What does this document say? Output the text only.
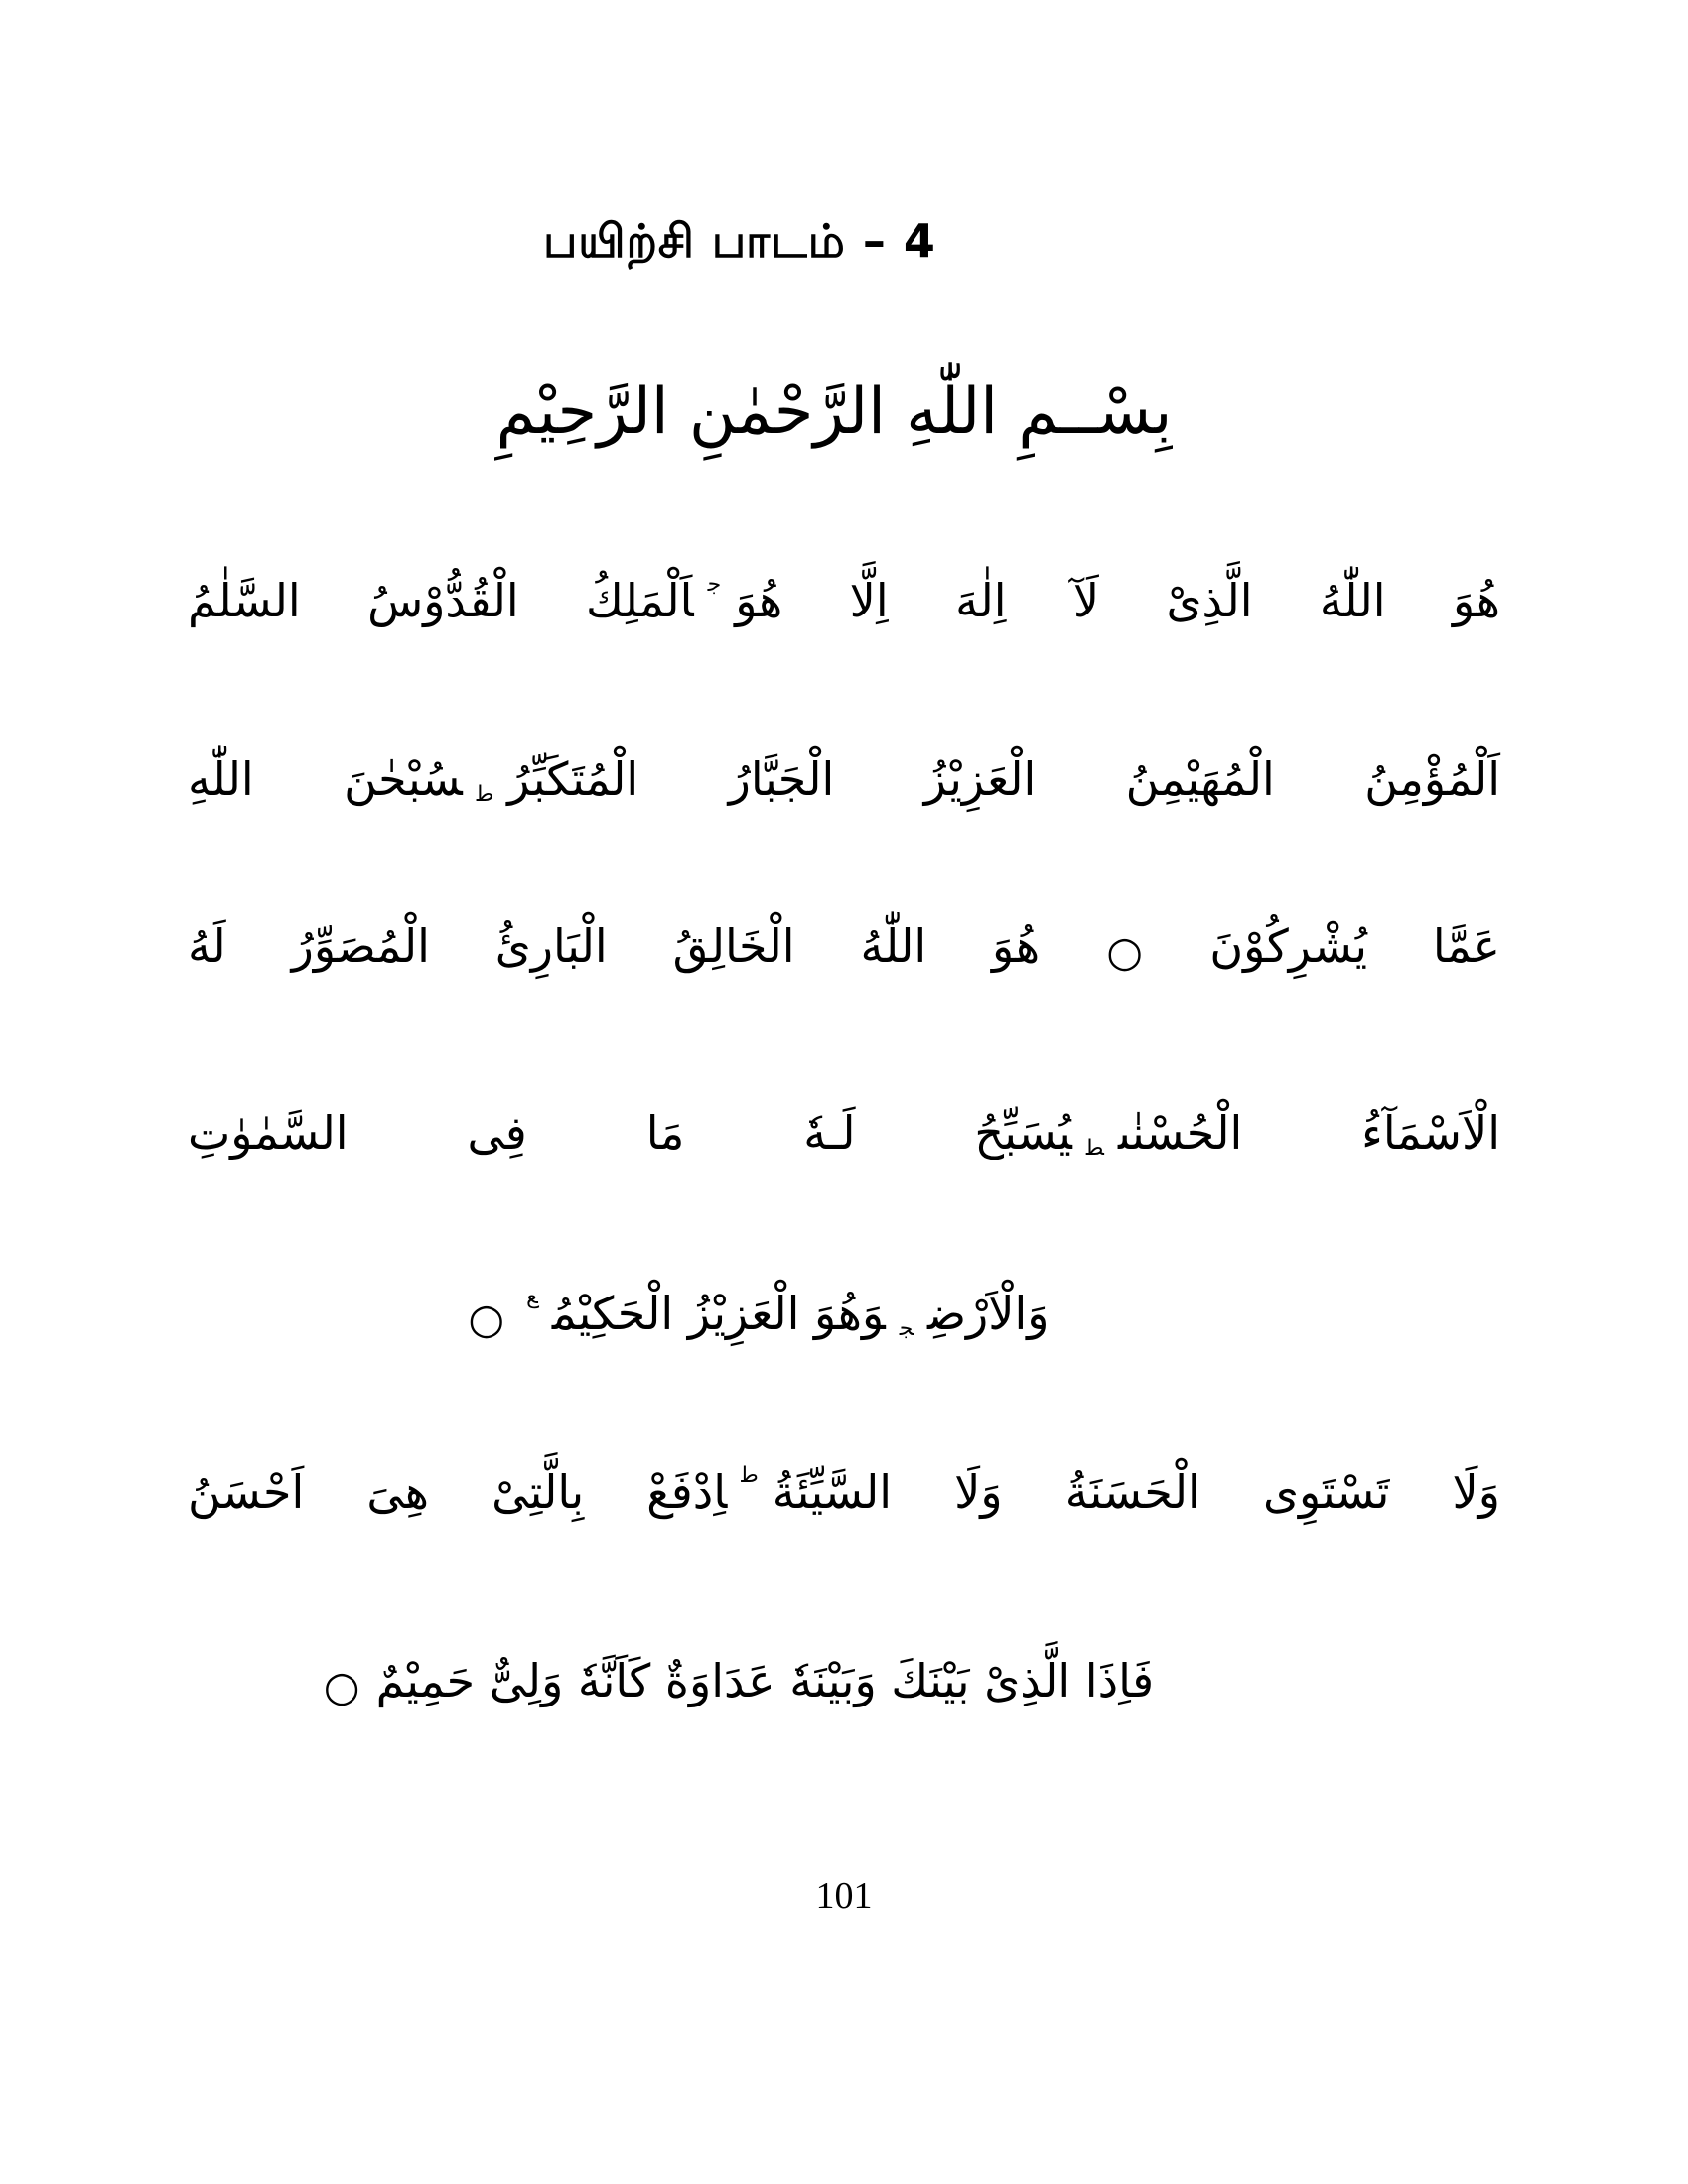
பயிற்சி பாடம் – 4
بِسْــمِ اللّٰهِ الرَّحْمٰنِ الرَّحِيْمِ
هُوَ اللّٰهُ الَّذِىْ لَآ اِلٰهَ اِلَّا هُوَ$^ج$اَلْمَلِكُ الْقُدُّوْسُ السَّلٰمُ
اَلْمُؤْمِنُ الْمُهَيْمِنُ الْعَزِيْزُ الْجَبَّارُ الْمُتَكَبِّرُطسُبْحٰنَ اللّٰهِ
عَمَّا يُشْرِكُوْنَ○هُوَ اللّٰهُ الْخَالِقُ الْبَارِئُ الْمُصَوِّرُ لَهُ
الْاَسْمَآءُ الْحُسْنٰىطيُسَبِّحُ لَـهٗ مَا فِى السَّمٰوٰتِ
وَالْاَرْضِجوَهُوَ الْعَزِيْزُ الْحَكِيْمُ$^ع$○
وَلَا تَسْتَوِى الْحَسَنَةُ وَلَا السَّيِّئَةُ$^ط$اِدْفَعْ بِالَّتِىْ هِىَ اَحْسَنُ
فَاِذَا الَّذِىْ بَيْنَكَ وَبَيْنَهٗ عَدَاوَةٌ كَاَنَّهٗ وَلِىٌّ حَمِيْمٌ○
101
